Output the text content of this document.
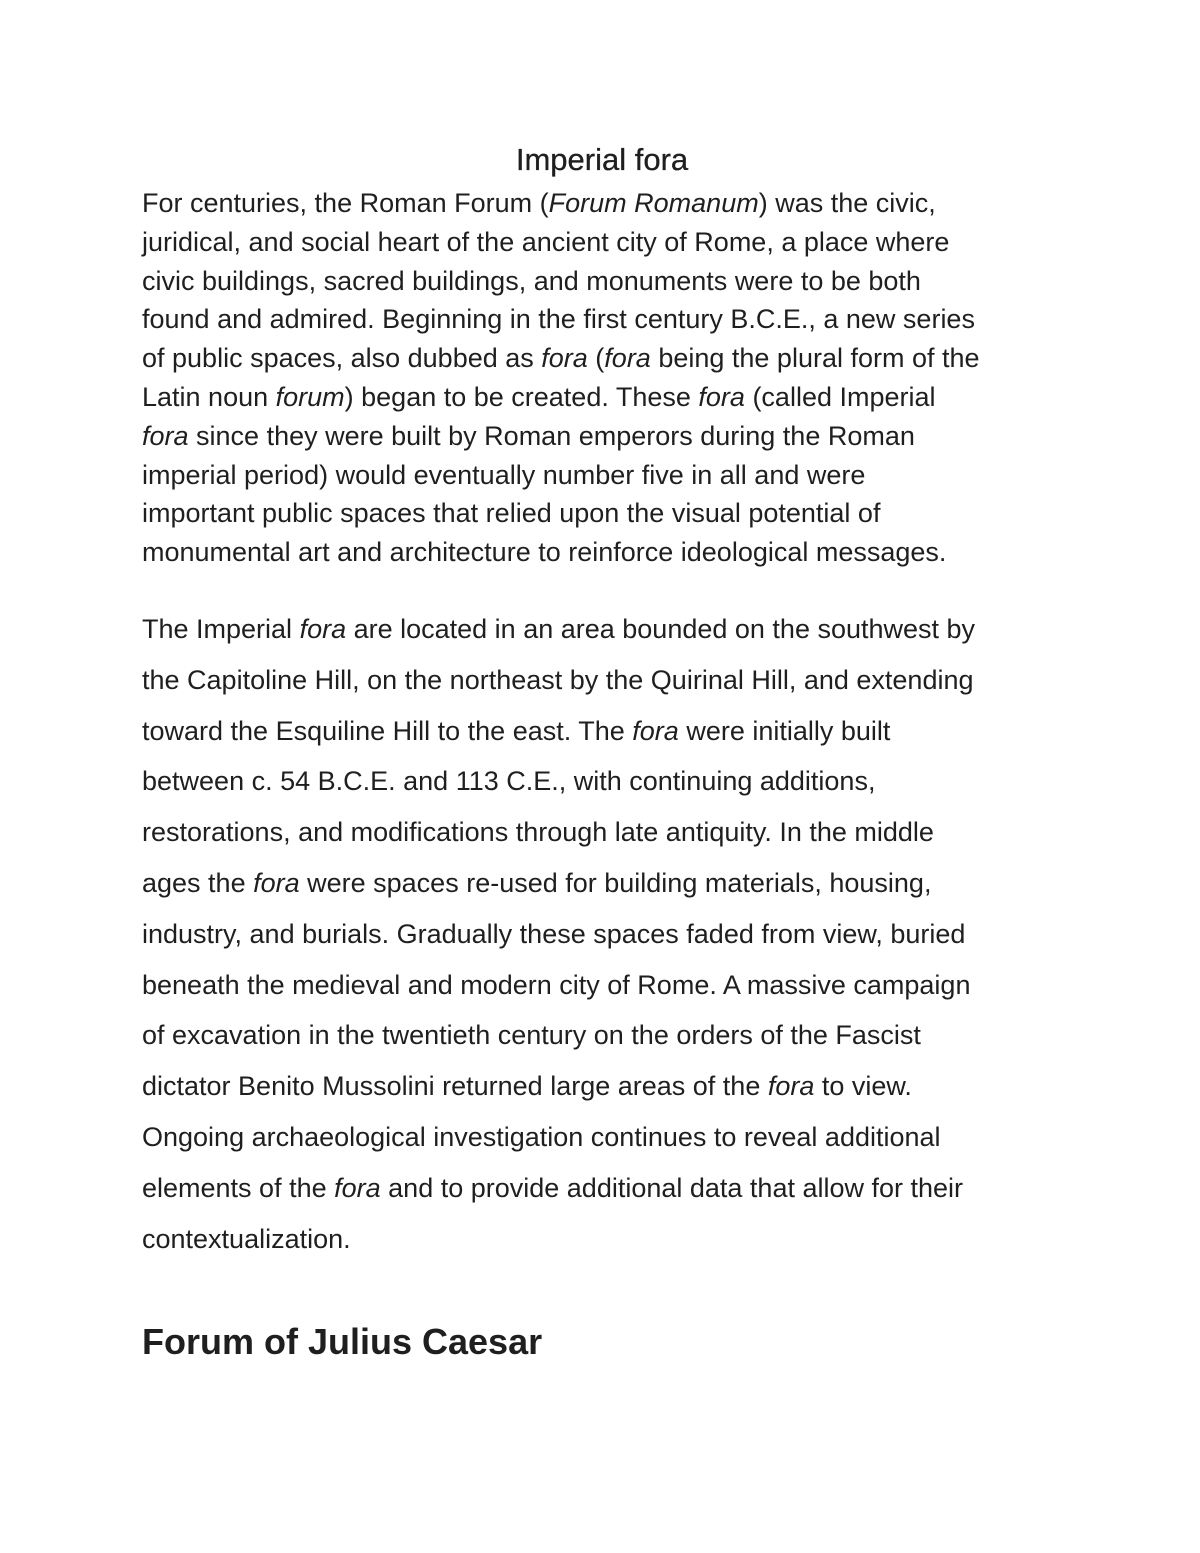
Imperial fora

For centuries, the Roman Forum (Forum Romanum) was the civic,
juridical, and social heart of the ancient city of Rome, a place where
civic buildings, sacred buildings, and monuments were to be both
found and admired. Beginning in the first century B.C.E., a new series
of public spaces, also dubbed as fora (fora being the plural form of the
Latin noun forum) began to be created. These fora (called Imperial
fora since they were built by Roman emperors during the Roman
imperial period) would eventually number five in all and were
important public spaces that relied upon the visual potential of
monumental art and architecture to reinforce ideological messages.

The Imperial fora are located in an area bounded on the southwest by
the Capitoline Hill, on the northeast by the Quirinal Hill, and extending
toward the Esquiline Hill to the east. The fora were initially built
between c. 54 B.C.E. and 113 C.E., with continuing additions,
restorations, and modifications through late antiquity. In the middle
ages the fora were spaces re-used for building materials, housing,
industry, and burials. Gradually these spaces faded from view, buried
beneath the medieval and modern city of Rome. A massive campaign
of excavation in the twentieth century on the orders of the Fascist
dictator Benito Mussolini returned large areas of the fora to view.
Ongoing archaeological investigation continues to reveal additional
elements of the fora and to provide additional data that allow for their
contextualization.

Forum of Julius Caesar
